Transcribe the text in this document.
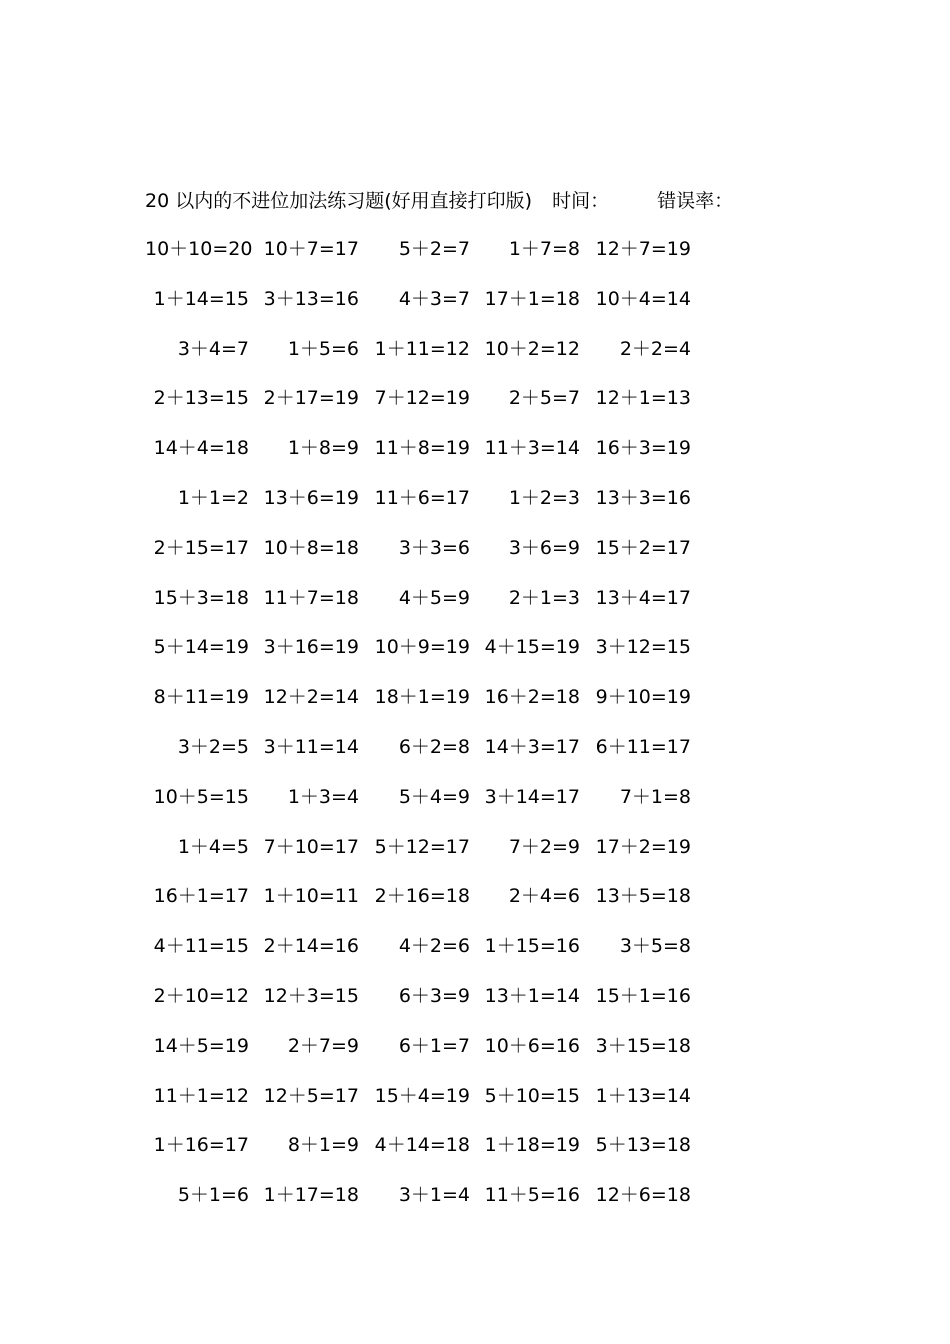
20 以内的不进位加法练习题(好用直接打印版) 时间：	错误率：
10＋10=20 10＋7=17	5＋2=7	1＋7=8 12＋7=19
1＋14=15 3＋13=16	4＋3=7 17＋1=18 10＋4=14
3＋4=7	1＋5=6 1＋11=12 10＋2=12	2＋2=4
2＋13=15 2＋17=19 7＋12=19	2＋5=7 12＋1=13
14＋4=18	1＋8=9 11＋8=19 11＋3=14 16＋3=19
1＋1=2 13＋6=19 11＋6=17	1＋2=3 13＋3=16
2＋15=17 10＋8=18	3＋3=6	3＋6=9 15＋2=17
15＋3=18 11＋7=18	4＋5=9	2＋1=3 13＋4=17
5＋14=19 3＋16=19 10＋9=19 4＋15=19 3＋12=15
8＋11=19 12＋2=14 18＋1=19 16＋2=18 9＋10=19
3＋2=5 3＋11=14	6＋2=8 14＋3=17 6＋11=17
10＋5=15	1＋3=4	5＋4=9 3＋14=17	7＋1=8
1＋4=5 7＋10=17 5＋12=17	7＋2=9 17＋2=19
16＋1=17 1＋10=11 2＋16=18	2＋4=6 13＋5=18
4＋11=15 2＋14=16	4＋2=6 1＋15=16	3＋5=8
2＋10=12 12＋3=15	6＋3=9 13＋1=14 15＋1=16
14＋5=19	2＋7=9	6＋1=7 10＋6=16 3＋15=18
11＋1=12 12＋5=17 15＋4=19 5＋10=15 1＋13=14
1＋16=17	8＋1=9 4＋14=18 1＋18=19 5＋13=18
5＋1=6 1＋17=18	3＋1=4 11＋5=16 12＋6=18
